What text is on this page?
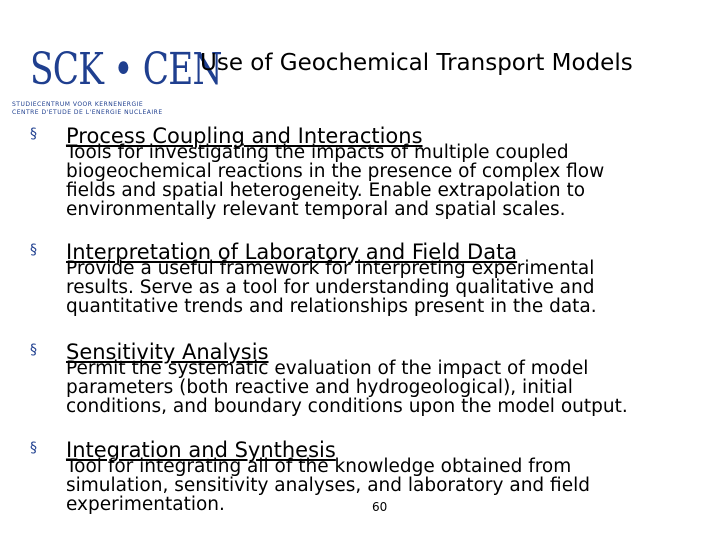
SCK • CEN
STUDIECENTRUM VOOR KERNENERGIE
CENTRE D'ETUDE DE L'ENERGIE NUCLEAIRE
Use of Geochemical Transport Models
§ Process Coupling and Interactions
Tools for investigating the impacts of multiple coupled
biogeochemical reactions in the presence of complex flow
fields and spatial heterogeneity. Enable extrapolation to
environmentally relevant temporal and spatial scales.
§ Interpretation of Laboratory and Field Data
Provide a useful framework for interpreting experimental
results. Serve as a tool for understanding qualitative and
quantitative trends and relationships present in the data.
§ Sensitivity Analysis
Permit the systematic evaluation of the impact of model
parameters (both reactive and hydrogeological), initial
conditions, and boundary conditions upon the model output.
§ Integration and Synthesis
Tool for integrating all of the knowledge obtained from
simulation, sensitivity analyses, and laboratory and field
experimentation.	60
